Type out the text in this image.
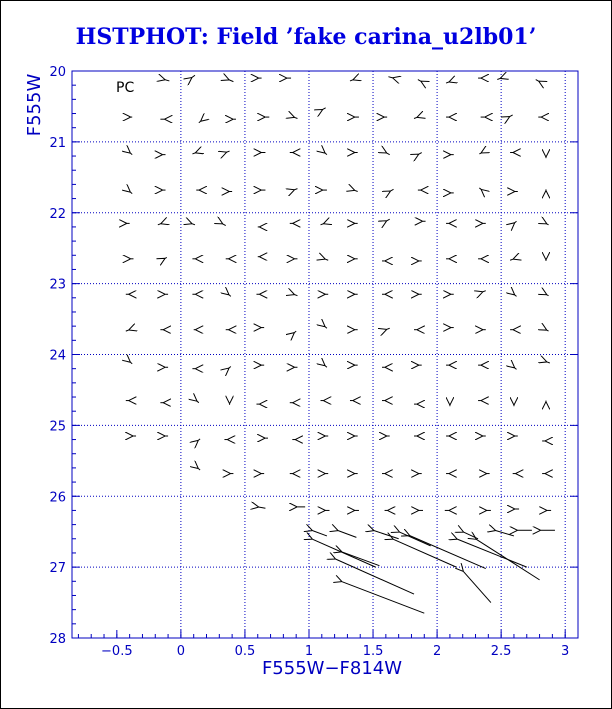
HSTPHOT: Field ’fake carina_u2lb01’
−0.5	0	0.5	1	1.5	2	2.5	3
20
21
22
23
24
25
26
27
28
PC
F555W−F814W
F555W
